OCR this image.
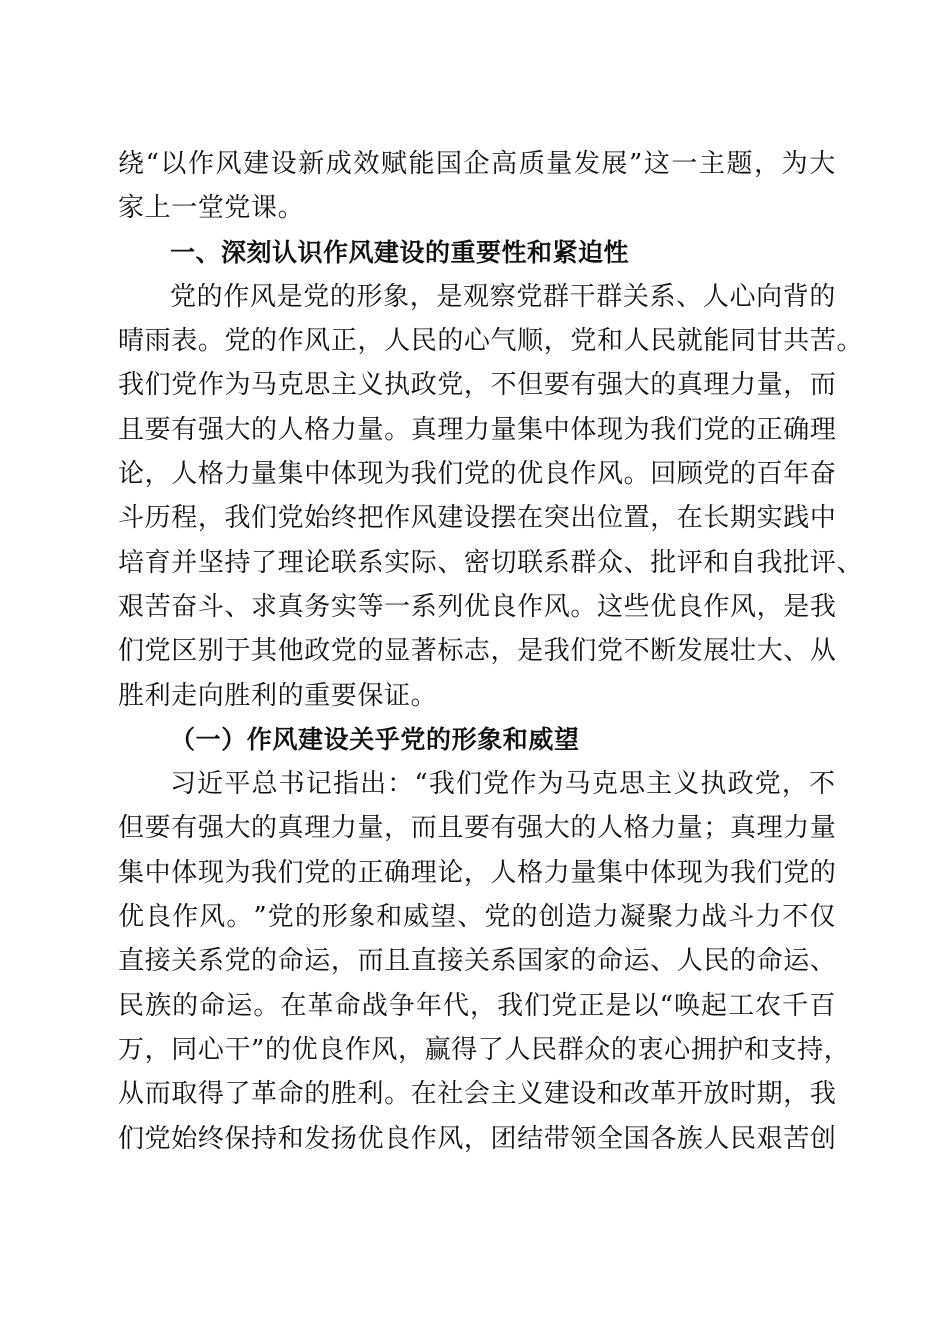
绕 “ 以 作 风 建 设 新 成 效 赋 能 国 企 高 质 量 发 展 ” 这 一 主 题 ， 为 大
家上一堂党课。
一、深刻认识作风建设的重要性和紧迫性
党 的 作 风 是 党 的 形 象 ， 是 观 察 党 群 干 群 关 系 、 人 心 向 背 的
晴 雨 表 。 党 的 作 风 正 ， 人 民 的 心 气 顺 ， 党 和 人 民 就 能 同 甘 共 苦 。
我 们 党 作 为 马 克 思 主 义 执 政 党 ， 不 但 要 有 强 大 的 真 理 力 量 ， 而
且 要 有 强 大 的 人 格 力 量 。 真 理 力 量 集 中 体 现 为 我 们 党 的 正 确 理
论 ， 人 格 力 量 集 中 体 现 为 我 们 党 的 优 良 作 风 。 回 顾 党 的 百 年 奋
斗 历 程 ， 我 们 党 始 终 把 作 风 建 设 摆 在 突 出 位 置 ， 在 长 期 实 践 中
培 育 并 坚 持 了 理 论 联 系 实 际 、 密 切 联 系 群 众 、 批 评 和 自 我 批 评 、
艰 苦 奋 斗 、 求 真 务 实 等 一 系 列 优 良 作 风 。 这 些 优 良 作 风 ， 是 我
们 党 区 别 于 其 他 政 党 的 显 著 标 志 ， 是 我 们 党 不 断 发 展 壮 大 、 从
胜利走向胜利的重要保证。
（一）作风建设关乎党的形象和威望
习 近 平 总 书 记 指 出 ： “ 我 们 党 作 为 马 克 思 主 义 执 政 党 ， 不
但 要 有 强 大 的 真 理 力 量 ， 而 且 要 有 强 大 的 人 格 力 量 ； 真 理 力 量
集 中 体 现 为 我 们 党 的 正 确 理 论 ， 人 格 力 量 集 中 体 现 为 我 们 党 的
优 良 作 风 。 ” 党 的 形 象 和 威 望 、 党 的 创 造 力 凝 聚 力 战 斗 力 不 仅
直 接 关 系 党 的 命 运 ， 而 且 直 接 关 系 国 家 的 命 运 、 人 民 的 命 运 、
民 族 的 命 运 。 在 革 命 战 争 年 代 ， 我 们 党 正 是 以 “ 唤 起 工 农 千 百
万 ， 同 心 干 ” 的 优 良 作 风 ， 赢 得 了 人 民 群 众 的 衷 心 拥 护 和 支 持 ，
从 而 取 得 了 革 命 的 胜 利 。 在 社 会 主 义 建 设 和 改 革 开 放 时 期 ， 我
们 党 始 终 保 持 和 发 扬 优 良 作 风 ， 团 结 带 领 全 国 各 族 人 民 艰 苦 创
